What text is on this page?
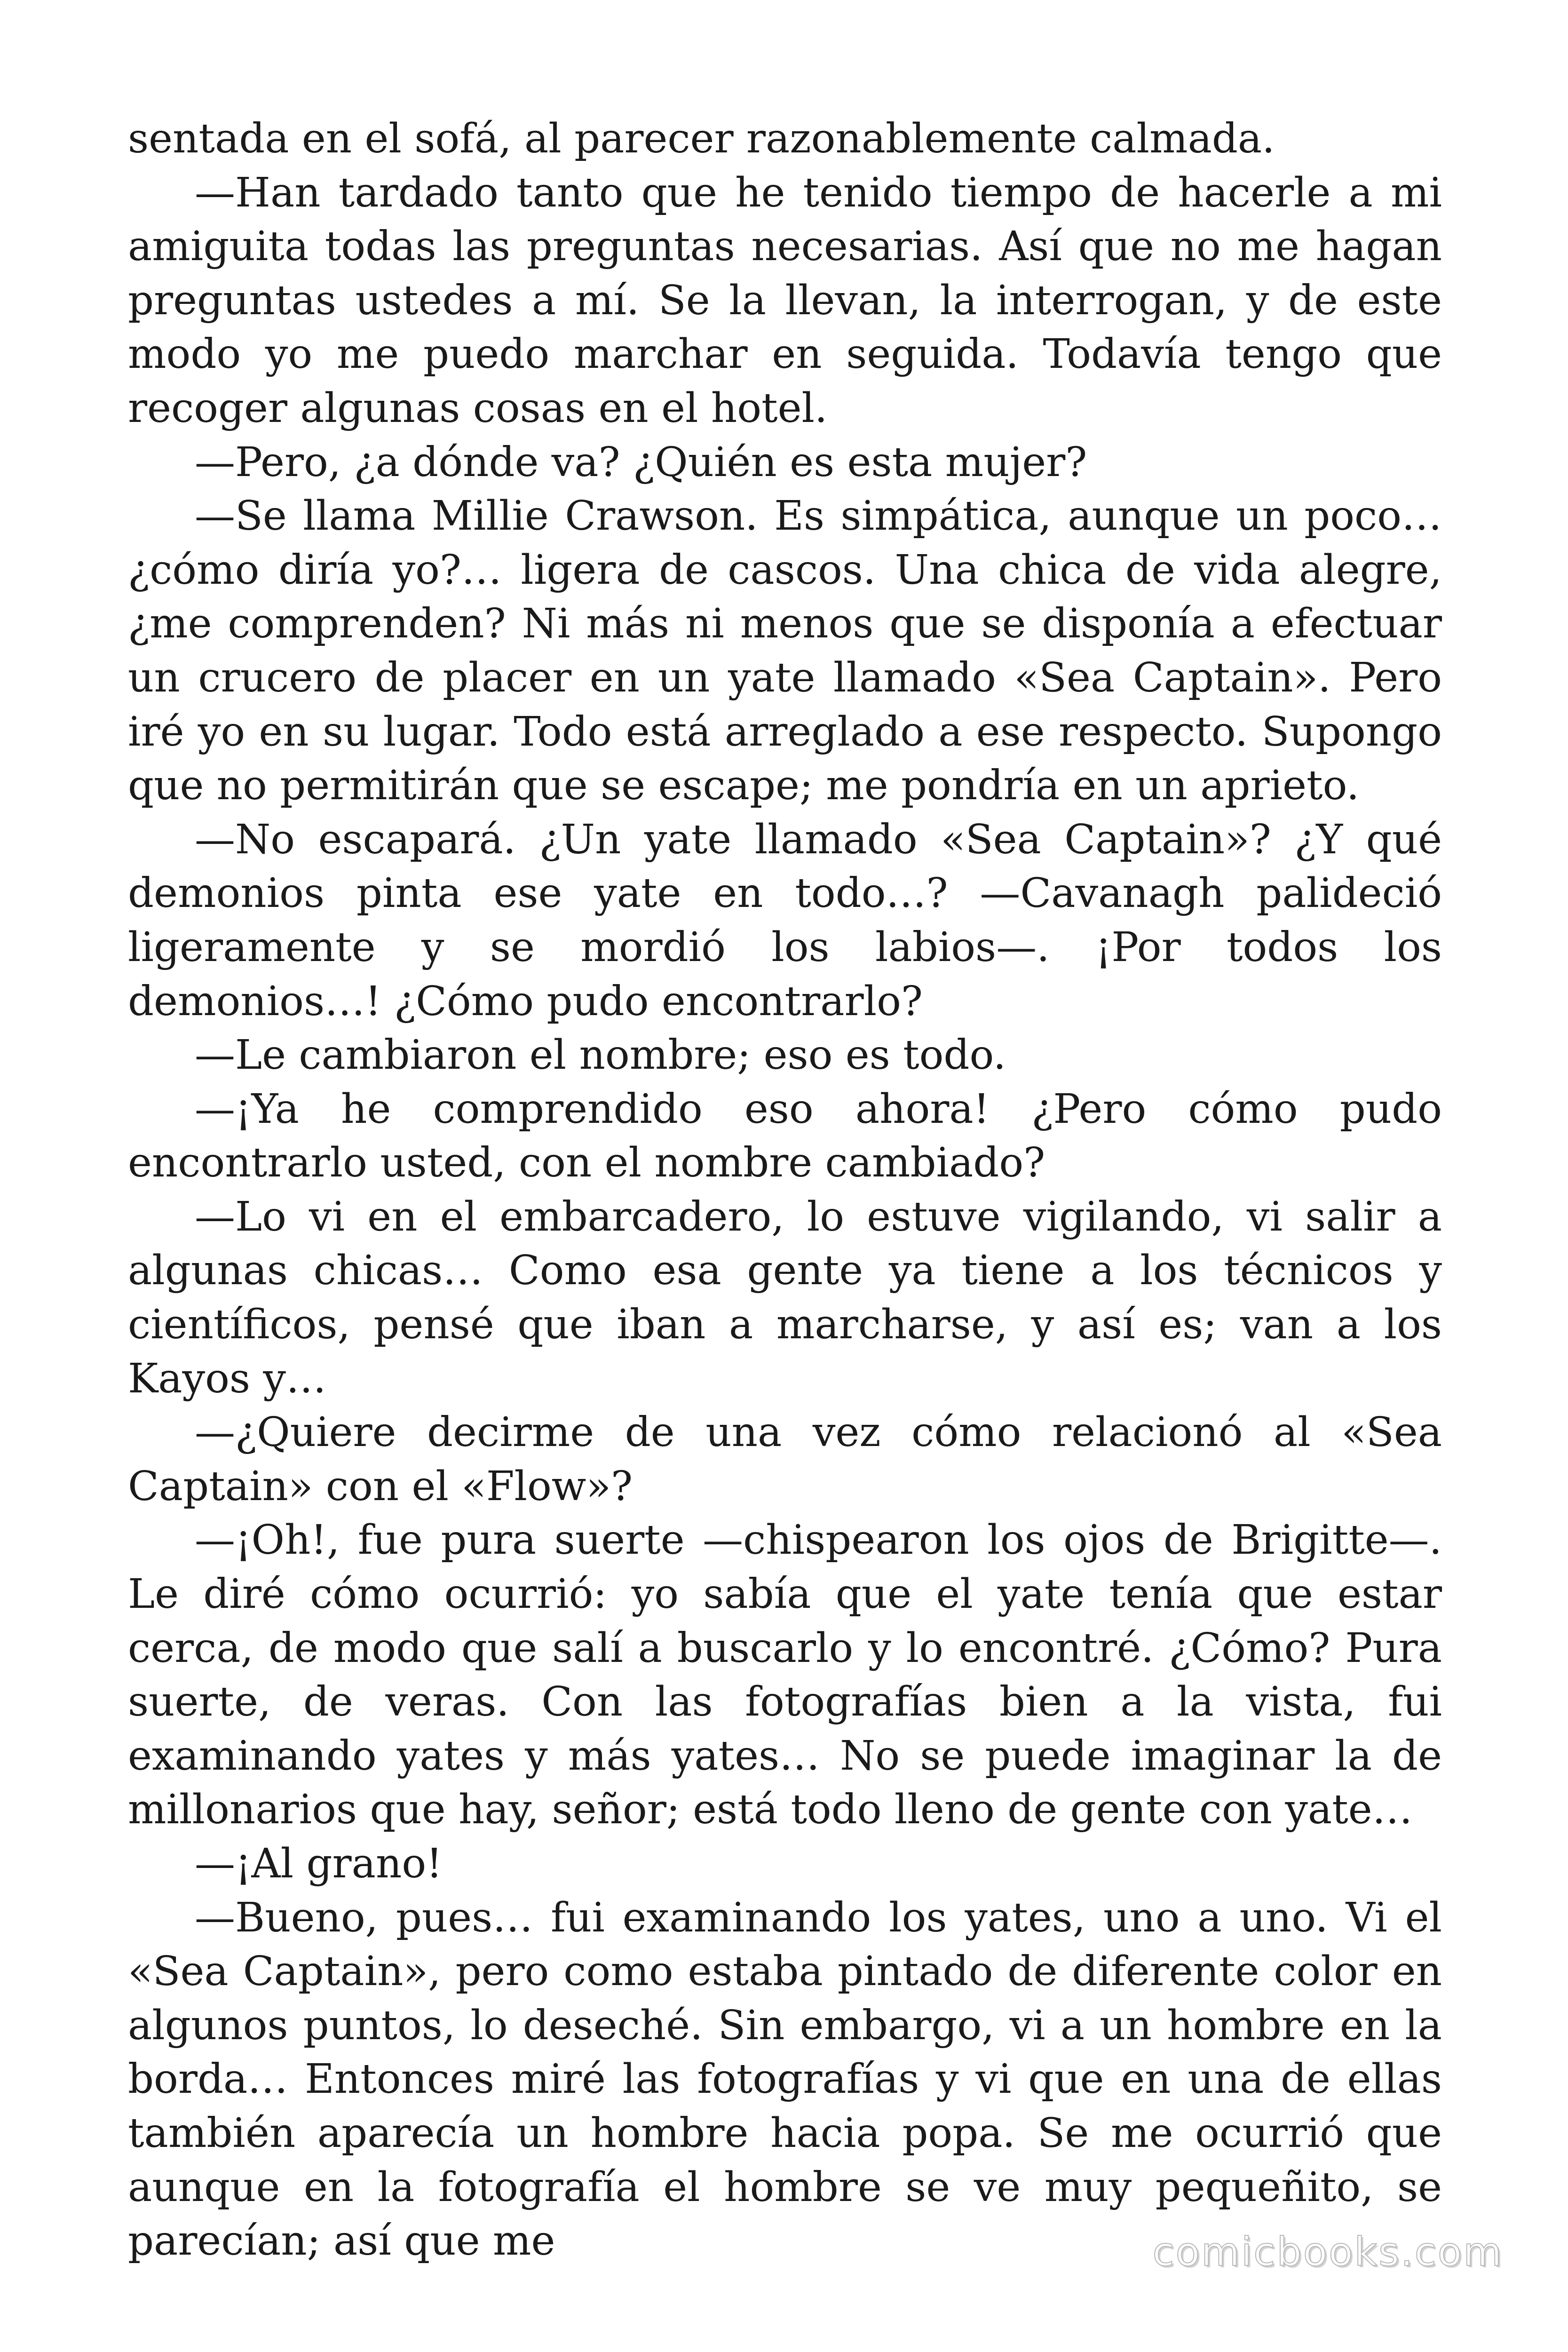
sentada en el sofá, al parecer razonablemente calmada.

—Han tardado tanto que he tenido tiempo de hacerle a mi amiguita todas las preguntas necesarias. Así que no me hagan preguntas ustedes a mí. Se la llevan, la interrogan, y de este modo yo me puedo marchar en seguida. Todavía tengo que recoger algunas cosas en el hotel.

—Pero, ¿a dónde va? ¿Quién es esta mujer?

—Se llama Millie Crawson. Es simpática, aunque un poco… ¿cómo diría yo?… ligera de cascos. Una chica de vida alegre, ¿me comprenden? Ni más ni menos que se disponía a efectuar un crucero de placer en un yate llamado «Sea Captain». Pero iré yo en su lugar. Todo está arreglado a ese respecto. Supongo que no permitirán que se escape; me pondría en un aprieto.

—No escapará. ¿Un yate llamado «Sea Captain»? ¿Y qué demonios pinta ese yate en todo…? —Cavanagh palideció ligeramente y se mordió los labios—. ¡Por todos los demonios…! ¿Cómo pudo encontrarlo?

—Le cambiaron el nombre; eso es todo.

—¡Ya he comprendido eso ahora! ¿Pero cómo pudo encontrarlo usted, con el nombre cambiado?

—Lo vi en el embarcadero, lo estuve vigilando, vi salir a algunas chicas… Como esa gente ya tiene a los técnicos y científicos, pensé que iban a marcharse, y así es; van a los Kayos y…

—¿Quiere decirme de una vez cómo relacionó al «Sea Captain» con el «Flow»?

—¡Oh!, fue pura suerte —chispearon los ojos de Brigitte—. Le diré cómo ocurrió: yo sabía que el yate tenía que estar cerca, de modo que salí a buscarlo y lo encontré. ¿Cómo? Pura suerte, de veras. Con las fotografías bien a la vista, fui examinando yates y más yates… No se puede imaginar la de millonarios que hay, señor; está todo lleno de gente con yate…

—¡Al grano!

—Bueno, pues… fui examinando los yates, uno a uno. Vi el «Sea Captain», pero como estaba pintado de diferente color en algunos puntos, lo deseché. Sin embargo, vi a un hombre en la borda… Entonces miré las fotografías y vi que en una de ellas también aparecía un hombre hacia popa. Se me ocurrió que aunque en la fotografía el hombre se ve muy pequeñito, se parecían; así que me	comicbooks.com
